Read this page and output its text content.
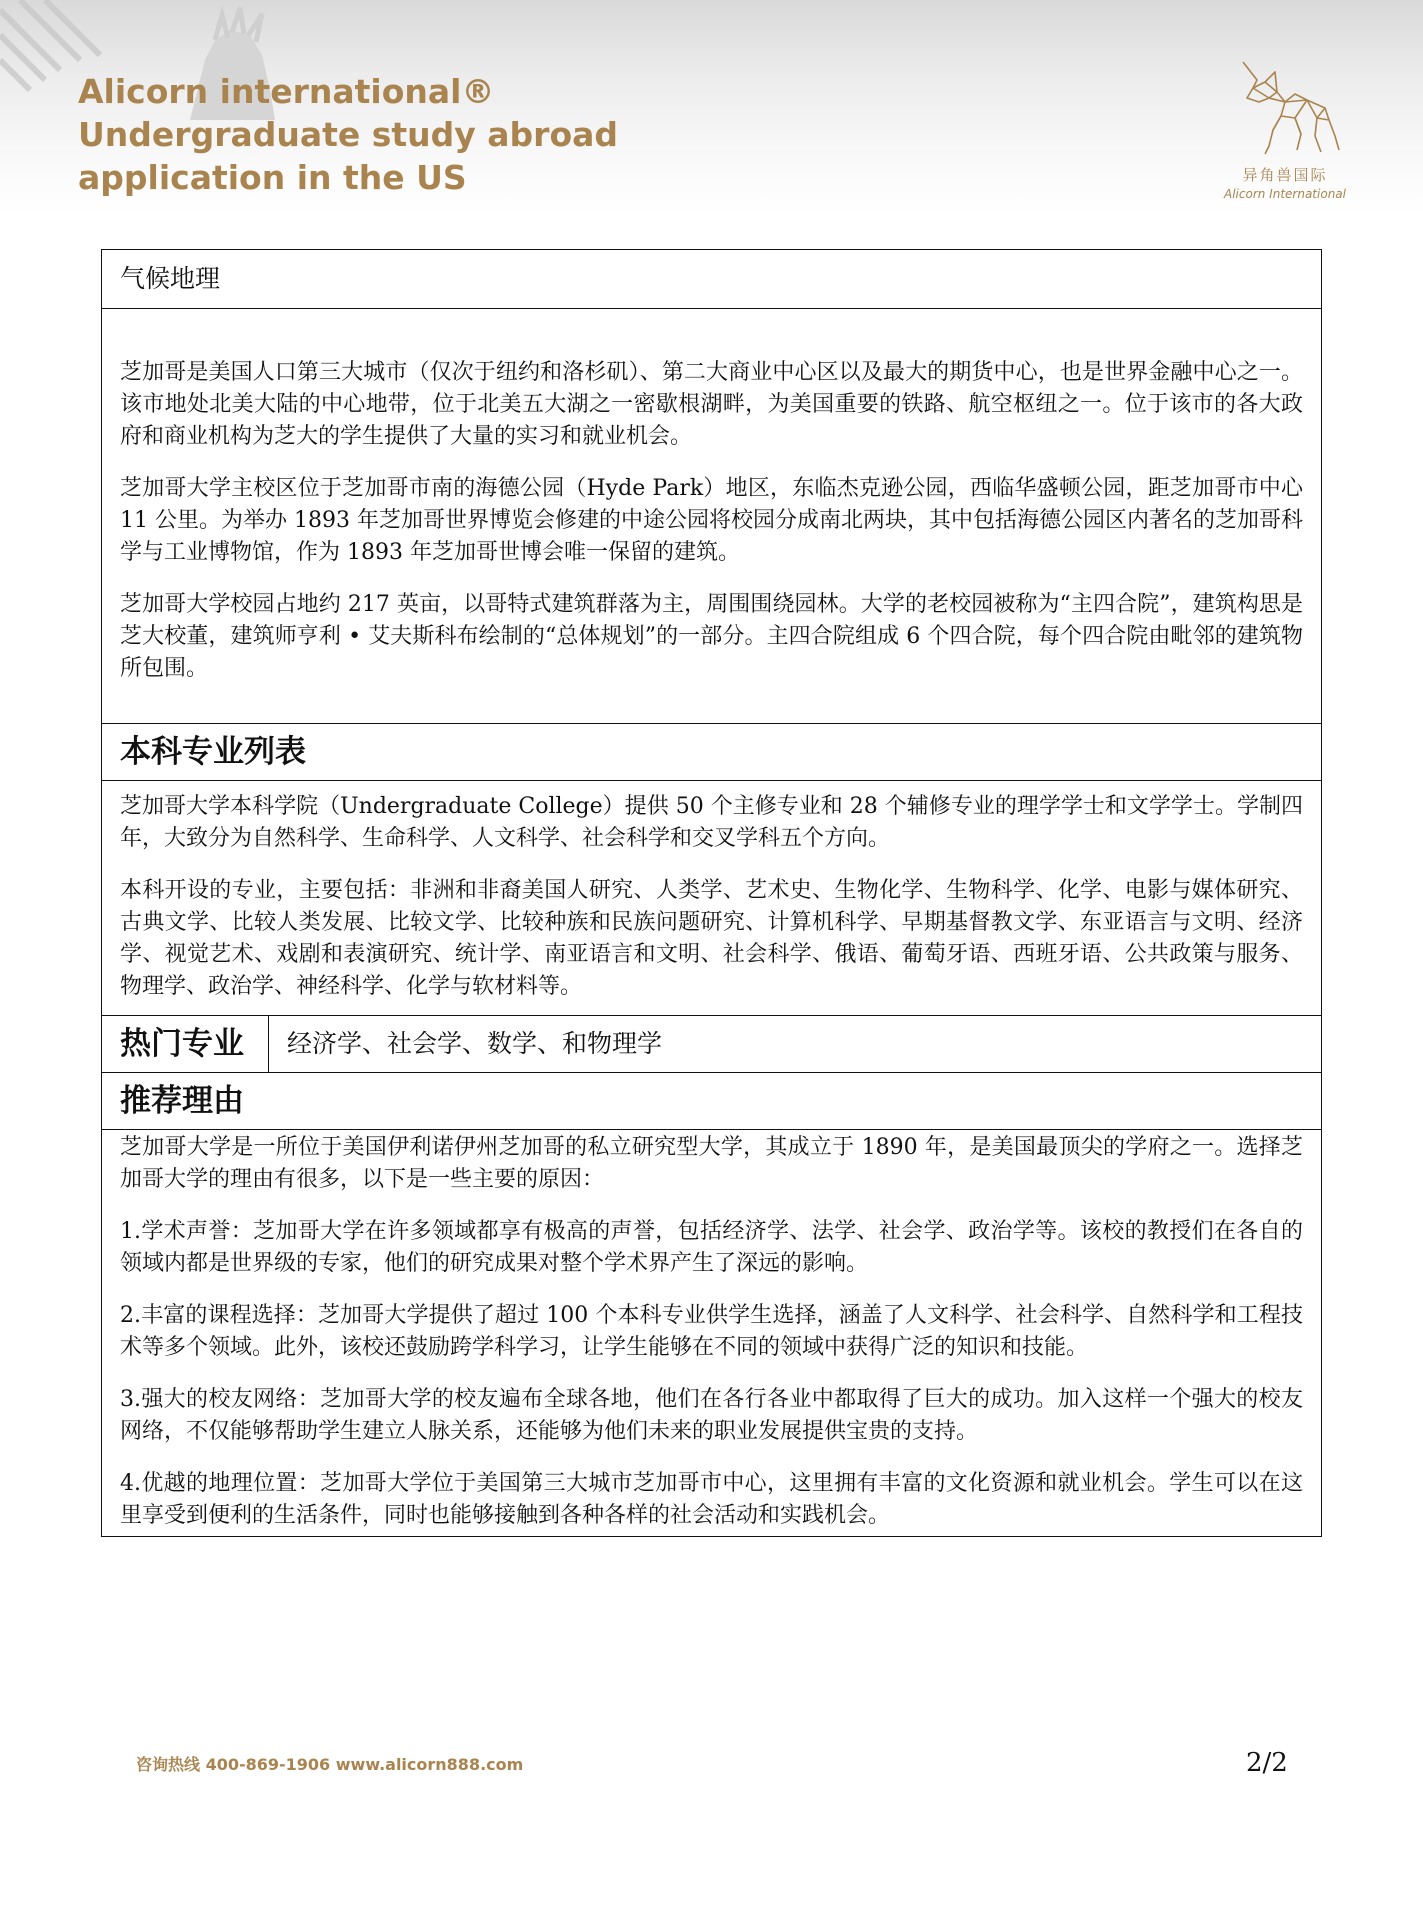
Alicorn international®
Undergraduate study abroad
application in the US	异角兽国际
Alicorn International
气候地理

芝加哥是美国人口第三大城市（仅次于纽约和洛杉矶）、第二大商业中心区以及最大的期货中心，也是世界金融中心之一。该市地处北美大陆的中心地带，位于北美五大湖之一密歇根湖畔，为美国重要的铁路、航空枢纽之一。位于该市的各大政府和商业机构为芝大的学生提供了大量的实习和就业机会。

芝加哥大学主校区位于芝加哥市南的海德公园（Hyde Park）地区，东临杰克逊公园，西临华盛顿公园，距芝加哥市中心 11 公里。为举办 1893 年芝加哥世界博览会修建的中途公园将校园分成南北两块，其中包括海德公园区内著名的芝加哥科学与工业博物馆，作为 1893 年芝加哥世博会唯一保留的建筑。

芝加哥大学校园占地约 217 英亩，以哥特式建筑群落为主，周围围绕园林。大学的老校园被称为“主四合院”，建筑构思是芝大校董，建筑师亨利 • 艾夫斯科布绘制的“总体规划”的一部分。主四合院组成 6 个四合院，每个四合院由毗邻的建筑物所包围。

本科专业列表

芝加哥大学本科学院（Undergraduate College）提供 50 个主修专业和 28 个辅修专业的理学学士和文学学士。学制四年，大致分为自然科学、生命科学、人文科学、社会科学和交叉学科五个方向。

本科开设的专业，主要包括：非洲和非裔美国人研究、人类学、艺术史、生物化学、生物科学、化学、电影与媒体研究、古典文学、比较人类发展、比较文学、比较种族和民族问题研究、计算机科学、早期基督教文学、东亚语言与文明、经济学、视觉艺术、戏剧和表演研究、统计学、南亚语言和文明、社会科学、俄语、葡萄牙语、西班牙语、公共政策与服务、物理学、政治学、神经科学、化学与软材料等。

热门专业	经济学、社会学、数学、和物理学
推荐理由

芝加哥大学是一所位于美国伊利诺伊州芝加哥的私立研究型大学，其成立于 1890 年，是美国最顶尖的学府之一。选择芝加哥大学的理由有很多，以下是一些主要的原因：

1.学术声誉：芝加哥大学在许多领域都享有极高的声誉，包括经济学、法学、社会学、政治学等。该校的教授们在各自的领域内都是世界级的专家，他们的研究成果对整个学术界产生了深远的影响。

2.丰富的课程选择：芝加哥大学提供了超过 100 个本科专业供学生选择，涵盖了人文科学、社会科学、自然科学和工程技术等多个领域。此外，该校还鼓励跨学科学习，让学生能够在不同的领域中获得广泛的知识和技能。

3.强大的校友网络：芝加哥大学的校友遍布全球各地，他们在各行各业中都取得了巨大的成功。加入这样一个强大的校友网络，不仅能够帮助学生建立人脉关系，还能够为他们未来的职业发展提供宝贵的支持。

4.优越的地理位置：芝加哥大学位于美国第三大城市芝加哥市中心，这里拥有丰富的文化资源和就业机会。学生可以在这里享受到便利的生活条件，同时也能够接触到各种各样的社会活动和实践机会。

咨询热线 400-869-1906 www.alicorn888.com	2/2
